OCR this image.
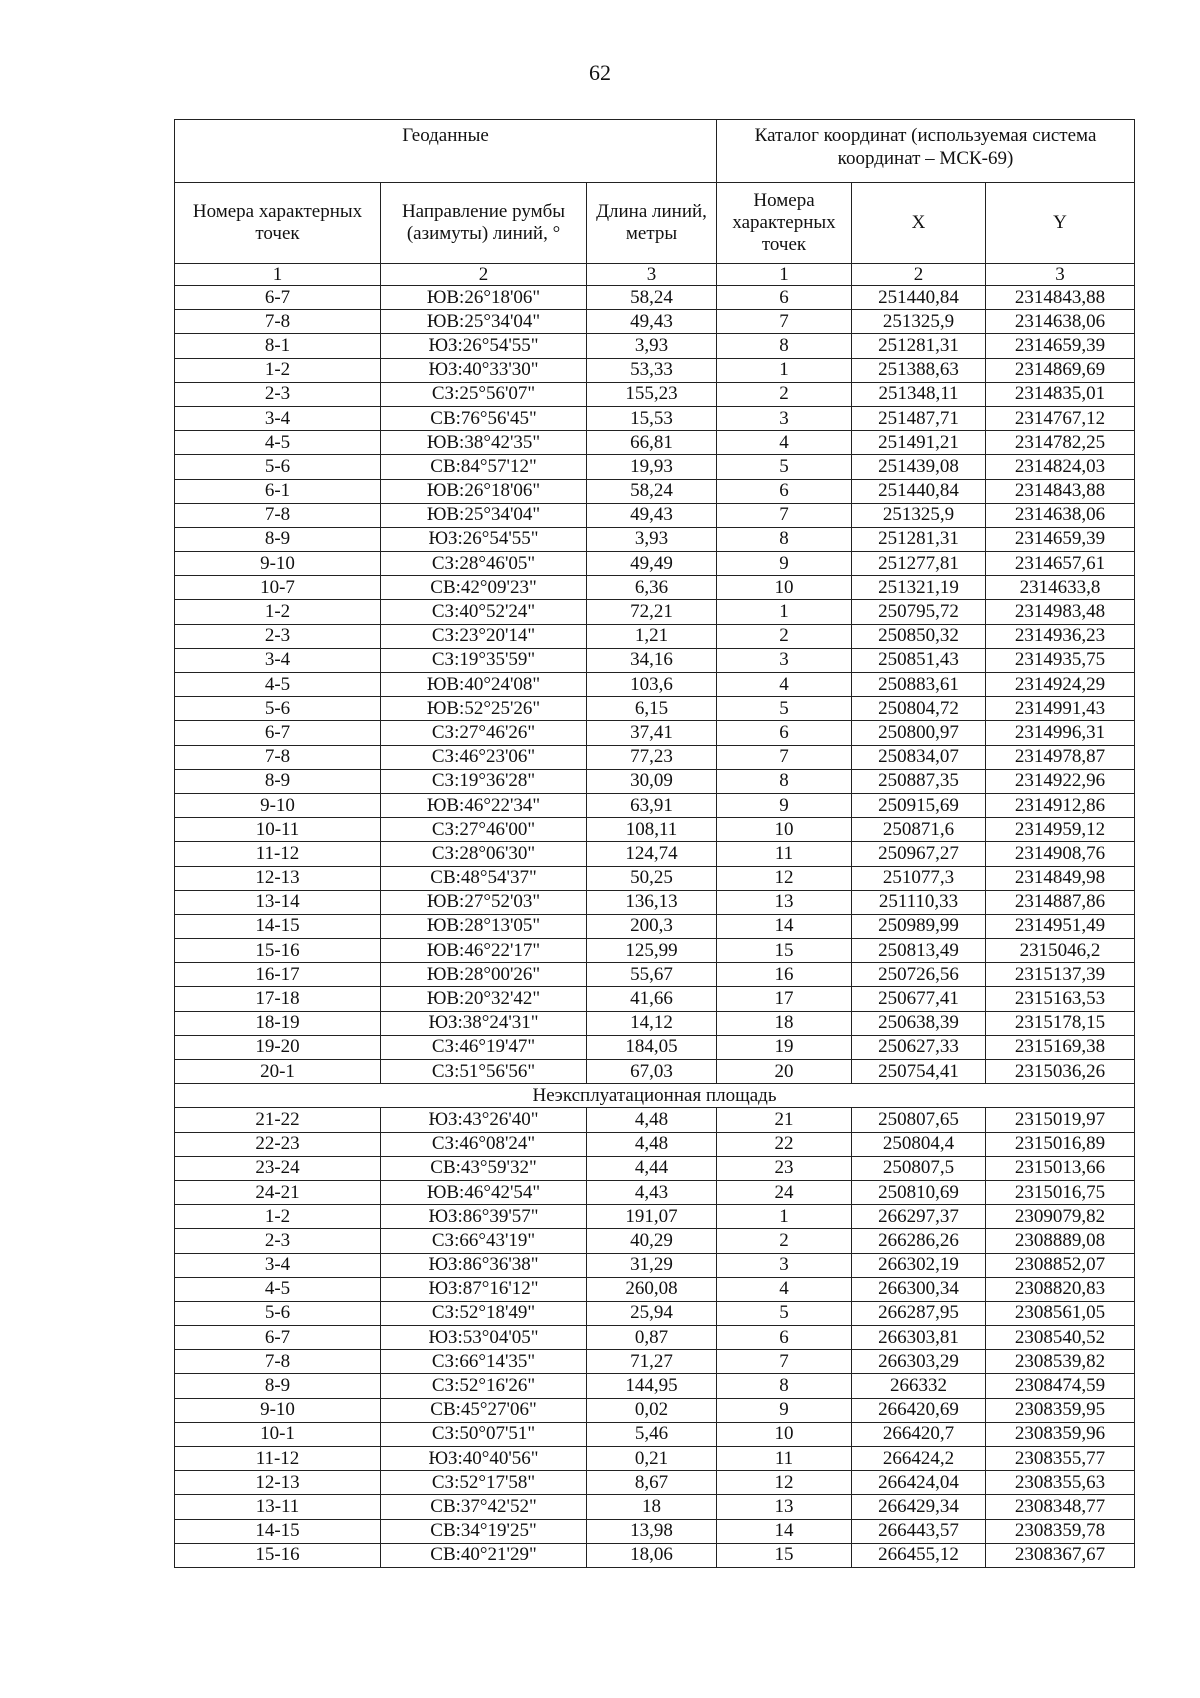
62
Геоданные			Каталог координат (используемая система координат – МСК-69)		
Номера характерных точек	Направление румбы (азимуты) линий, °	Длина линий, метры	Номера характерных точек	X	Y
1	2	3	1	2	3
6-7	ЮВ:26°18'06"	58,24	6	251440,84	2314843,88
7-8	ЮВ:25°34'04"	49,43	7	251325,9	2314638,06
8-1	ЮЗ:26°54'55"	3,93	8	251281,31	2314659,39
1-2	ЮЗ:40°33'30"	53,33	1	251388,63	2314869,69
2-3	СЗ:25°56'07"	155,23	2	251348,11	2314835,01
3-4	СВ:76°56'45"	15,53	3	251487,71	2314767,12
4-5	ЮВ:38°42'35"	66,81	4	251491,21	2314782,25
5-6	СВ:84°57'12"	19,93	5	251439,08	2314824,03
6-1	ЮВ:26°18'06"	58,24	6	251440,84	2314843,88
7-8	ЮВ:25°34'04"	49,43	7	251325,9	2314638,06
8-9	ЮЗ:26°54'55"	3,93	8	251281,31	2314659,39
9-10	СЗ:28°46'05"	49,49	9	251277,81	2314657,61
10-7	СВ:42°09'23"	6,36	10	251321,19	2314633,8
1-2	СЗ:40°52'24"	72,21	1	250795,72	2314983,48
2-3	СЗ:23°20'14"	1,21	2	250850,32	2314936,23
3-4	СЗ:19°35'59"	34,16	3	250851,43	2314935,75
4-5	ЮВ:40°24'08"	103,6	4	250883,61	2314924,29
5-6	ЮВ:52°25'26"	6,15	5	250804,72	2314991,43
6-7	СЗ:27°46'26"	37,41	6	250800,97	2314996,31
7-8	СЗ:46°23'06"	77,23	7	250834,07	2314978,87
8-9	СЗ:19°36'28"	30,09	8	250887,35	2314922,96
9-10	ЮВ:46°22'34"	63,91	9	250915,69	2314912,86
10-11	СЗ:27°46'00"	108,11	10	250871,6	2314959,12
11-12	СЗ:28°06'30"	124,74	11	250967,27	2314908,76
12-13	СВ:48°54'37"	50,25	12	251077,3	2314849,98
13-14	ЮВ:27°52'03"	136,13	13	251110,33	2314887,86
14-15	ЮВ:28°13'05"	200,3	14	250989,99	2314951,49
15-16	ЮВ:46°22'17"	125,99	15	250813,49	2315046,2
16-17	ЮВ:28°00'26"	55,67	16	250726,56	2315137,39
17-18	ЮВ:20°32'42"	41,66	17	250677,41	2315163,53
18-19	ЮЗ:38°24'31"	14,12	18	250638,39	2315178,15
19-20	СЗ:46°19'47"	184,05	19	250627,33	2315169,38
20-1	СЗ:51°56'56"	67,03	20	250754,41	2315036,26
Неэксплуатационная площадь					
21-22	ЮЗ:43°26'40"	4,48	21	250807,65	2315019,97
22-23	СЗ:46°08'24"	4,48	22	250804,4	2315016,89
23-24	СВ:43°59'32"	4,44	23	250807,5	2315013,66
24-21	ЮВ:46°42'54"	4,43	24	250810,69	2315016,75
1-2	ЮЗ:86°39'57"	191,07	1	266297,37	2309079,82
2-3	СЗ:66°43'19"	40,29	2	266286,26	2308889,08
3-4	ЮЗ:86°36'38"	31,29	3	266302,19	2308852,07
4-5	ЮЗ:87°16'12"	260,08	4	266300,34	2308820,83
5-6	СЗ:52°18'49"	25,94	5	266287,95	2308561,05
6-7	ЮЗ:53°04'05"	0,87	6	266303,81	2308540,52
7-8	СЗ:66°14'35"	71,27	7	266303,29	2308539,82
8-9	СЗ:52°16'26"	144,95	8	266332	2308474,59
9-10	СВ:45°27'06"	0,02	9	266420,69	2308359,95
10-1	СЗ:50°07'51"	5,46	10	266420,7	2308359,96
11-12	ЮЗ:40°40'56"	0,21	11	266424,2	2308355,77
12-13	СЗ:52°17'58"	8,67	12	266424,04	2308355,63
13-11	СВ:37°42'52"	18	13	266429,34	2308348,77
14-15	СВ:34°19'25"	13,98	14	266443,57	2308359,78
15-16	СВ:40°21'29"	18,06	15	266455,12	2308367,67
